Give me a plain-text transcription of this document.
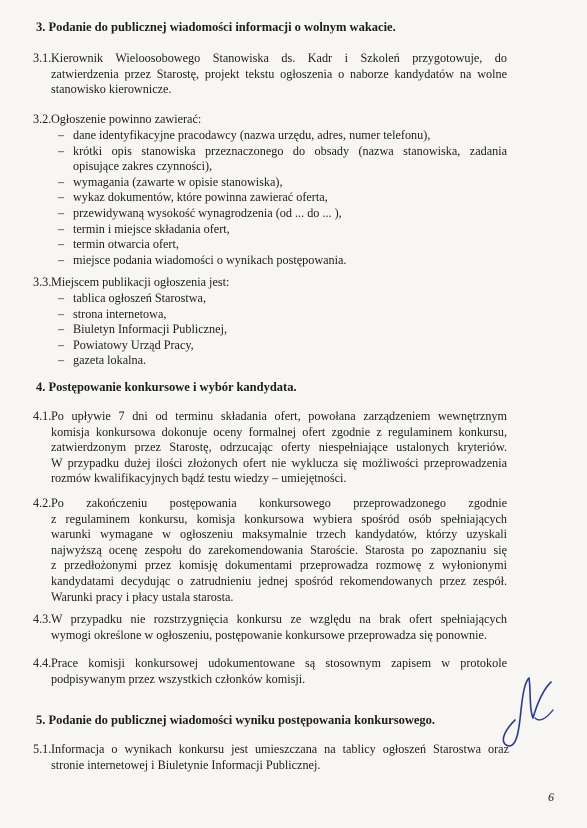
3. Podanie do publicznej wiadomości informacji o wolnym wakacie.
3.1. Kierownik Wieloosobowego Stanowiska ds. Kadr i Szkoleń przygotowuje, do
zatwierdzenia przez Starostę, projekt tekstu ogłoszenia o naborze kandydatów na wolne
stanowisko kierownicze.
3.2. Ogłoszenie powinno zawierać:
– dane identyfikacyjne pracodawcy (nazwa urzędu, adres, numer telefonu),
– krótki opis stanowiska przeznaczonego do obsady (nazwa stanowiska, zadania
opisujące zakres czynności),
– wymagania (zawarte w opisie stanowiska),
– wykaz dokumentów, które powinna zawierać oferta,
– przewidywaną wysokość wynagrodzenia (od ... do ... ),
– termin i miejsce składania ofert,
– termin otwarcia ofert,
– miejsce podania wiadomości o wynikach postępowania.
3.3. Miejscem publikacji ogłoszenia jest:
– tablica ogłoszeń Starostwa,
– strona internetowa,
– Biuletyn Informacji Publicznej,
– Powiatowy Urząd Pracy,
– gazeta lokalna.
4. Postępowanie konkursowe i wybór kandydata.
4.1. Po upływie 7 dni od terminu składania ofert, powołana zarządzeniem wewnętrznym
komisja konkursowa dokonuje oceny formalnej ofert zgodnie z regulaminem konkursu,
zatwierdzonym przez Starostę, odrzucając oferty niespełniające ustalonych kryteriów.
W przypadku dużej ilości złożonych ofert nie wyklucza się możliwości przeprowadzenia
rozmów kwalifikacyjnych bądź testu wiedzy – umiejętności.
4.2. Po zakończeniu postępowania konkursowego przeprowadzonego zgodnie
z regulaminem konkursu, komisja konkursowa wybiera spośród osób spełniających
warunki wymagane w ogłoszeniu maksymalnie trzech kandydatów, którzy uzyskali
najwyższą ocenę zespołu do zarekomendowania Staroście. Starosta po zapoznaniu się
z przedłożonymi przez komisję dokumentami przeprowadza rozmowę z wyłonionymi
kandydatami decydując o zatrudnieniu jednej spośród rekomendowanych przez zespół.
Warunki pracy i płacy ustala starosta.
4.3. W przypadku nie rozstrzygnięcia konkursu ze względu na brak ofert spełniających
wymogi określone w ogłoszeniu, postępowanie konkursowe przeprowadza się ponownie.
4.4. Prace komisji konkursowej udokumentowane są stosownym zapisem w protokole
podpisywanym przez wszystkich członków komisji.
5. Podanie do publicznej wiadomości wyniku postępowania konkursowego.
5.1. Informacja o wynikach konkursu jest umieszczana na tablicy ogłoszeń Starostwa oraz
stronie internetowej i Biuletynie Informacji Publicznej.
6
